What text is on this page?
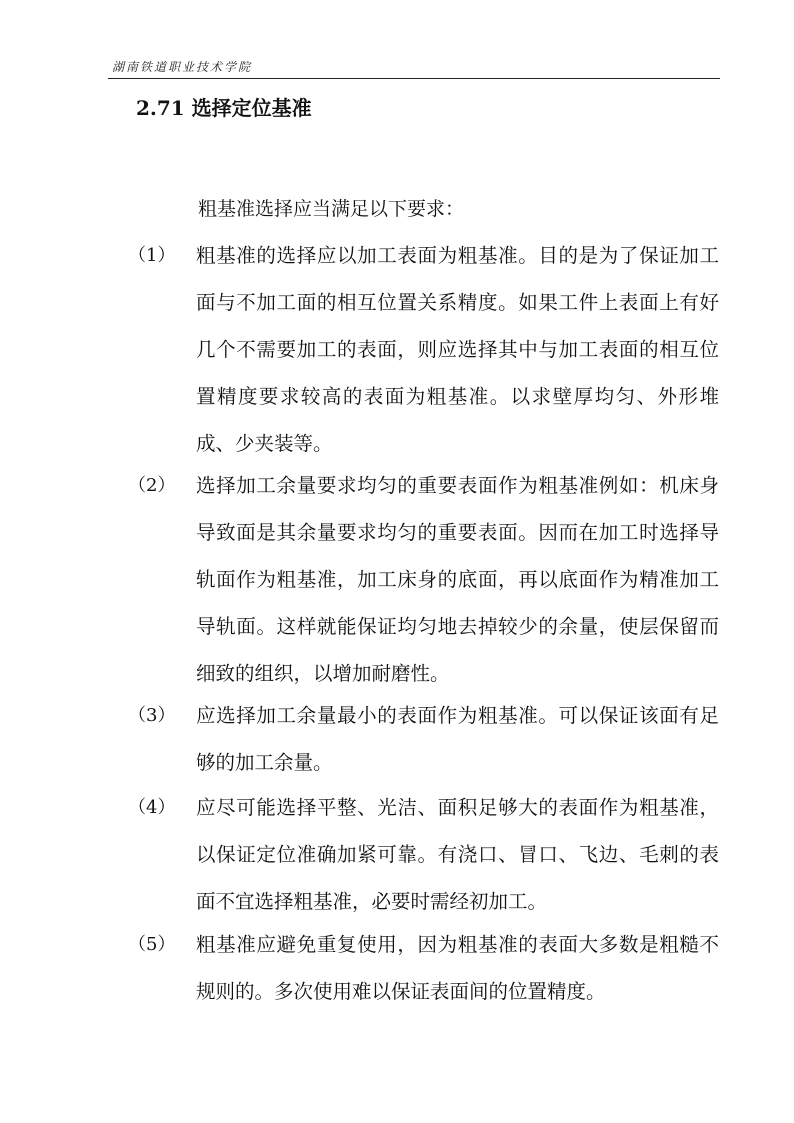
湖南铁道职业技术学院
2.71 选择定位基准
粗基准选择应当满足以下要求：
（1） 粗基准的选择应以加工表面为粗基准。目的是为了保证加工面与不加工面的相互位置关系精度。如果工件上表面上有好几个不需要加工的表面，则应选择其中与加工表面的相互位置精度要求较高的表面为粗基准。以求壁厚均匀、外形堆成、少夹装等。
（2） 选择加工余量要求均匀的重要表面作为粗基准例如：机床身导致面是其余量要求均匀的重要表面。因而在加工时选择导轨面作为粗基准，加工床身的底面，再以底面作为精准加工导轨面。这样就能保证均匀地去掉较少的余量，使层保留而细致的组织，以增加耐磨性。
（3） 应选择加工余量最小的表面作为粗基准。可以保证该面有足够的加工余量。
（4） 应尽可能选择平整、光洁、面积足够大的表面作为粗基准，以保证定位准确加紧可靠。有浇口、冒口、飞边、毛刺的表面不宜选择粗基准，必要时需经初加工。
（5） 粗基准应避免重复使用，因为粗基准的表面大多数是粗糙不规则的。多次使用难以保证表面间的位置精度。
